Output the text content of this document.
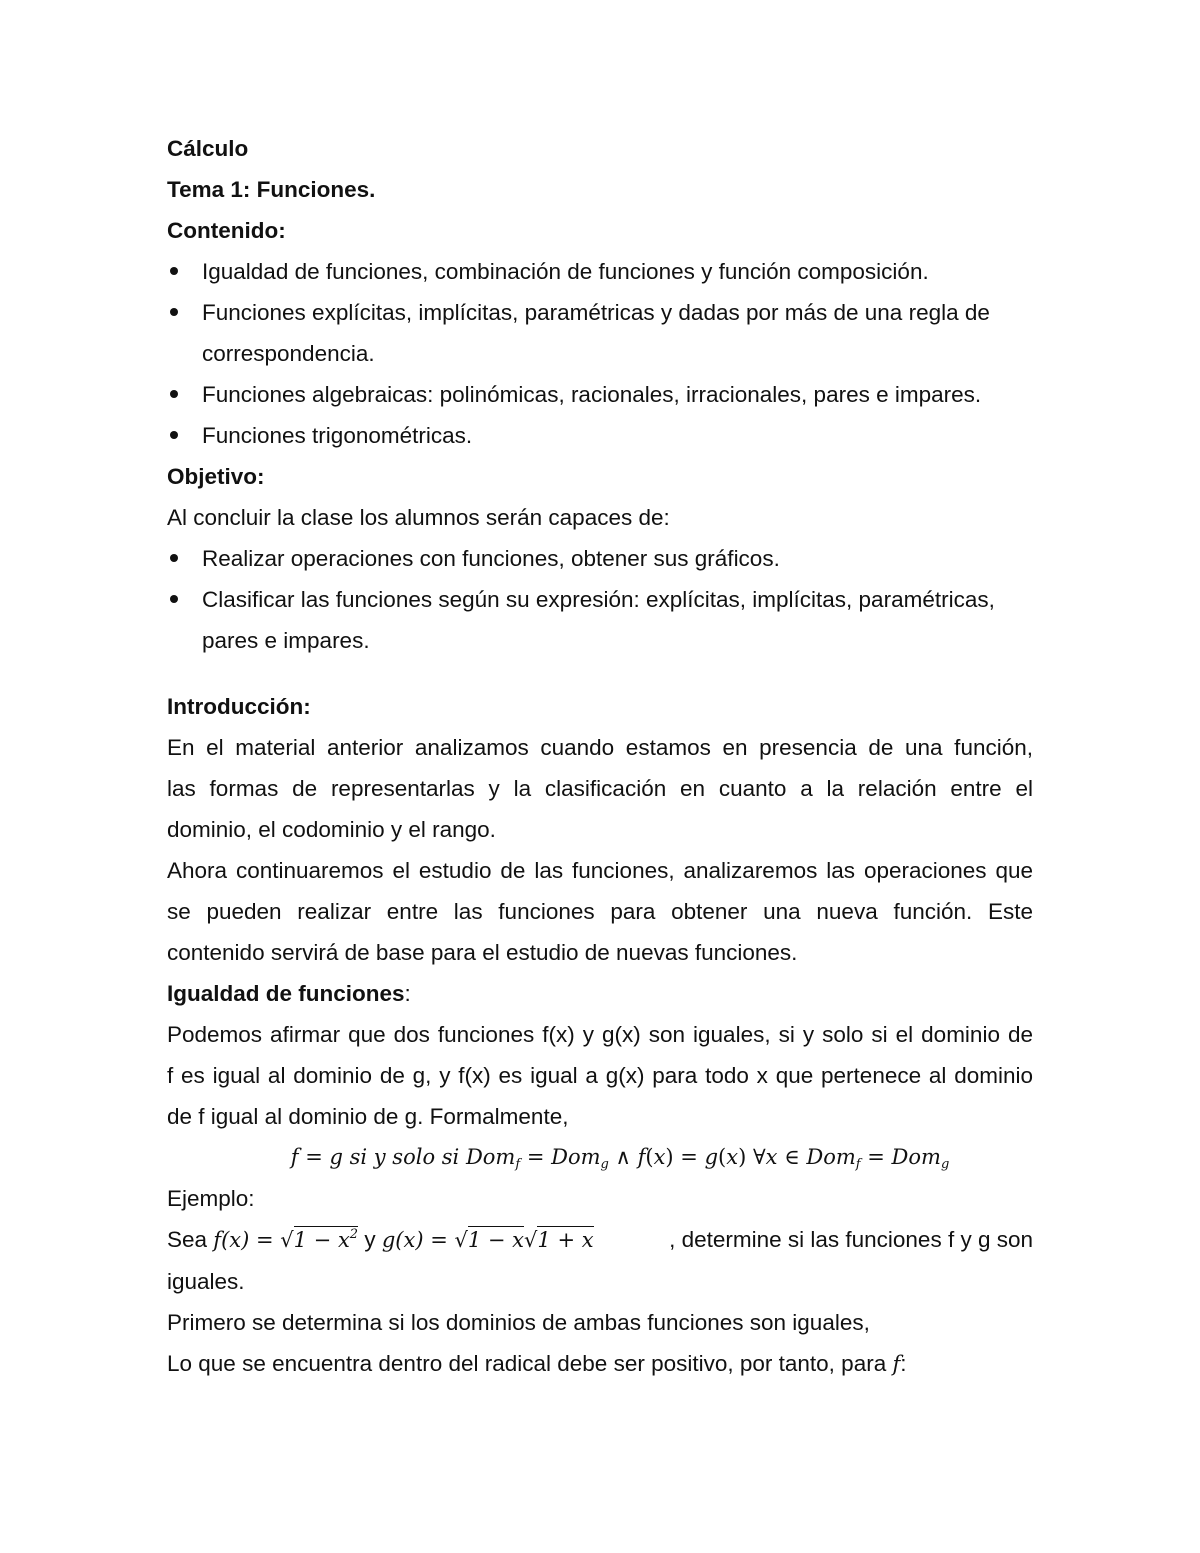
Cálculo
Tema 1: Funciones.
Contenido:
Igualdad de funciones, combinación de funciones y función composición.
Funciones explícitas, implícitas, paramétricas y dadas por más de una regla de
correspondencia.
Funciones algebraicas: polinómicas, racionales, irracionales, pares e impares.
Funciones trigonométricas.
Objetivo:
Al concluir la clase los alumnos serán capaces de:
Realizar operaciones con funciones, obtener sus gráficos.
Clasificar las funciones según su expresión: explícitas, implícitas, paramétricas,
pares e impares.
Introducción:
En el material anterior analizamos cuando estamos en presencia de una función,
las formas de representarlas y la clasificación en cuanto a la relación entre el
dominio, el codominio y el rango.
Ahora continuaremos el estudio de las funciones, analizaremos las operaciones que
se pueden realizar entre las funciones para obtener una nueva función. Este
contenido servirá de base para el estudio de nuevas funciones.
Igualdad de funciones:
Podemos afirmar que dos funciones f(x) y g(x) son iguales, si y solo si el dominio de
f es igual al dominio de g, y f(x) es igual a g(x) para todo x que pertenece al dominio
de f igual al dominio de g. Formalmente,
f = g si y solo si Dom$_f$ = Dom$_g$ ∧ f(x) = g(x) ∀x ∈ Dom$_f$ = Dom$_g$
Ejemplo:
Sea $f(x) = √1 - x^2$ y g(x) = √1 − x√1 + x	, determine si las funciones f y g son
iguales.
Primero se determina si los dominios de ambas funciones son iguales,
Lo que se encuentra dentro del radical debe ser positivo, por tanto, para f:
